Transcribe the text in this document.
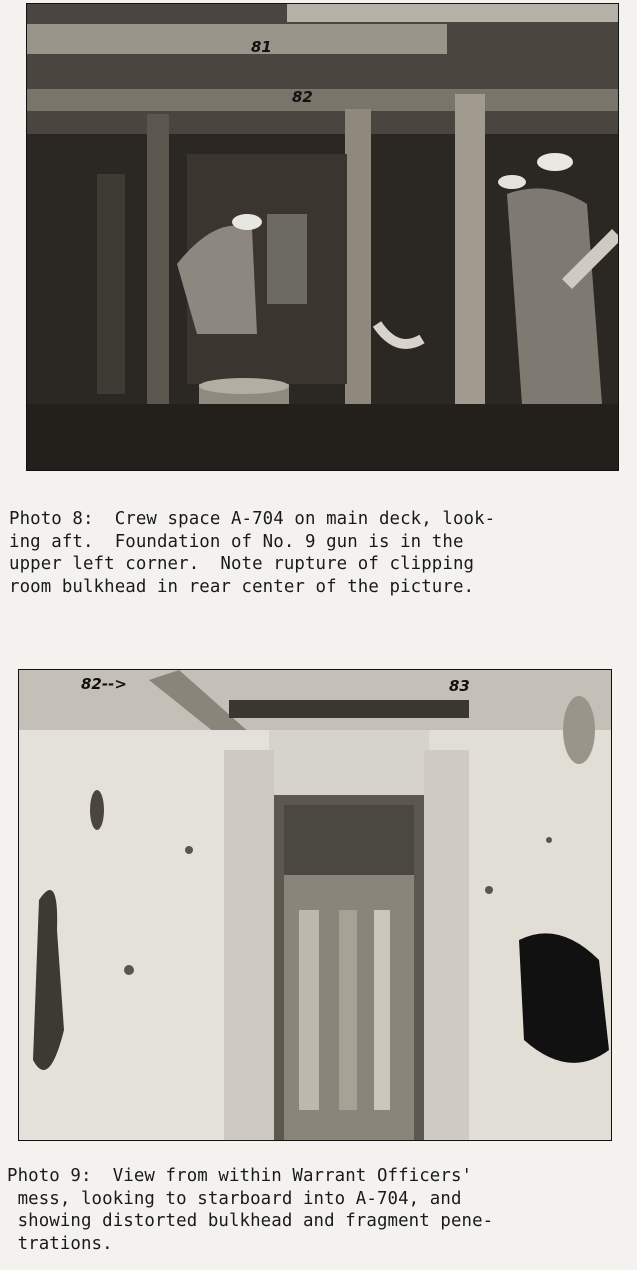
81
82
Photo 8:  Crew space A-704 on main deck, look-
ing aft.  Foundation of No. 9 gun is in the
upper left corner.  Note rupture of clipping
room bulkhead in rear center of the picture.
82-->	83
Photo 9:  View from within Warrant Officers'
mess, looking to starboard into A-704, and
showing distorted bulkhead and fragment pene-
trations.
